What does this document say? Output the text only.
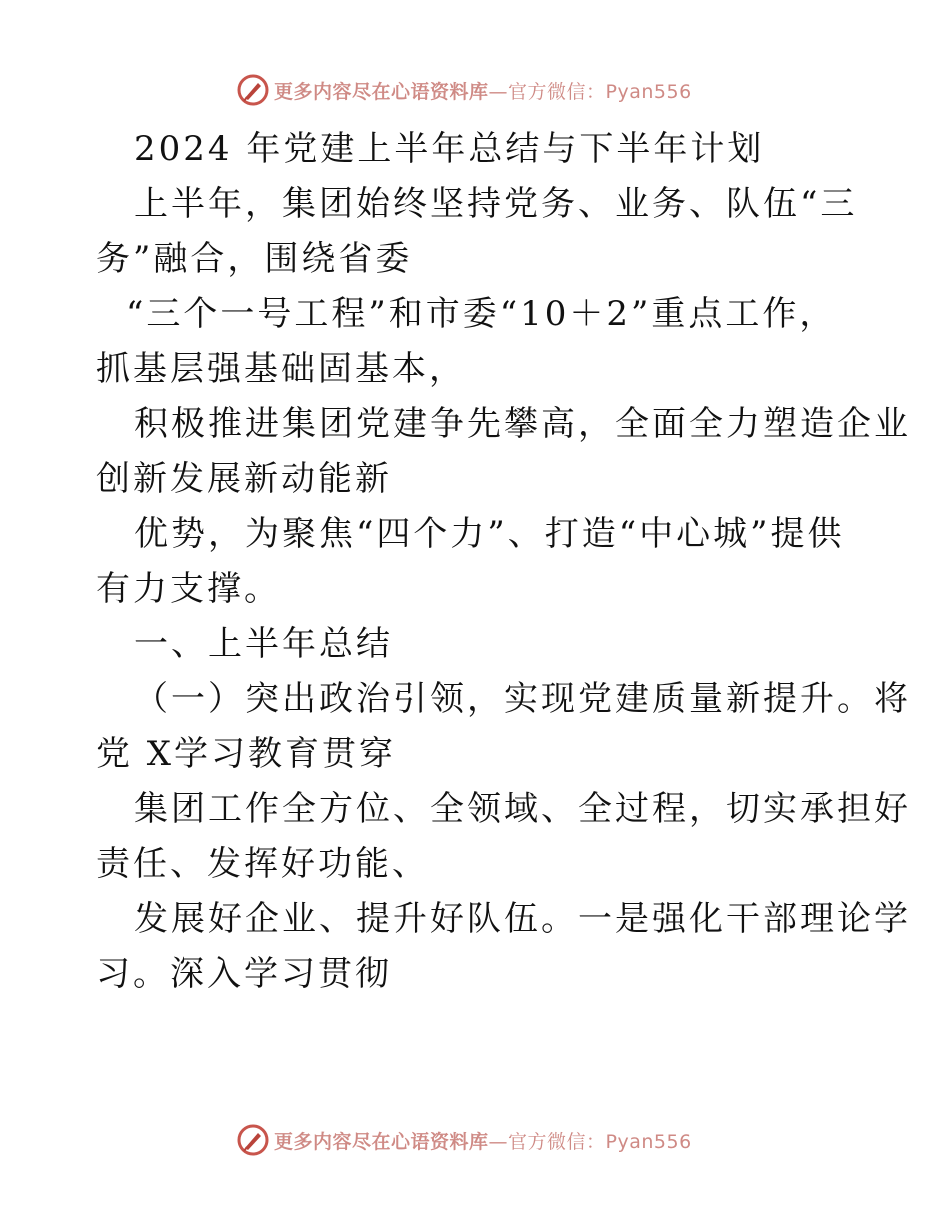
更多内容尽在心语资料库 —官方微信：Pyan556
2024 年党建上半年总结与下半年计划
上半年，集团始终坚持党务、业务、队伍“三
务”融合，围绕省委
“三个一号工程”和市委“10＋2”重点工作，
抓基层强基础固基本，
积极推进集团党建争先攀高，全面全力塑造企业
创新发展新动能新
优势，为聚焦“四个力”、打造“中心城”提供
有力支撑。
一、上半年总结
（一）突出政治引领，实现党建质量新提升。将
党 X学习教育贯穿
集团工作全方位、全领域、全过程，切实承担好
责任、发挥好功能、
发展好企业、提升好队伍。一是强化干部理论学
习。深入学习贯彻
更多内容尽在心语资料库 —官方微信：Pyan556
